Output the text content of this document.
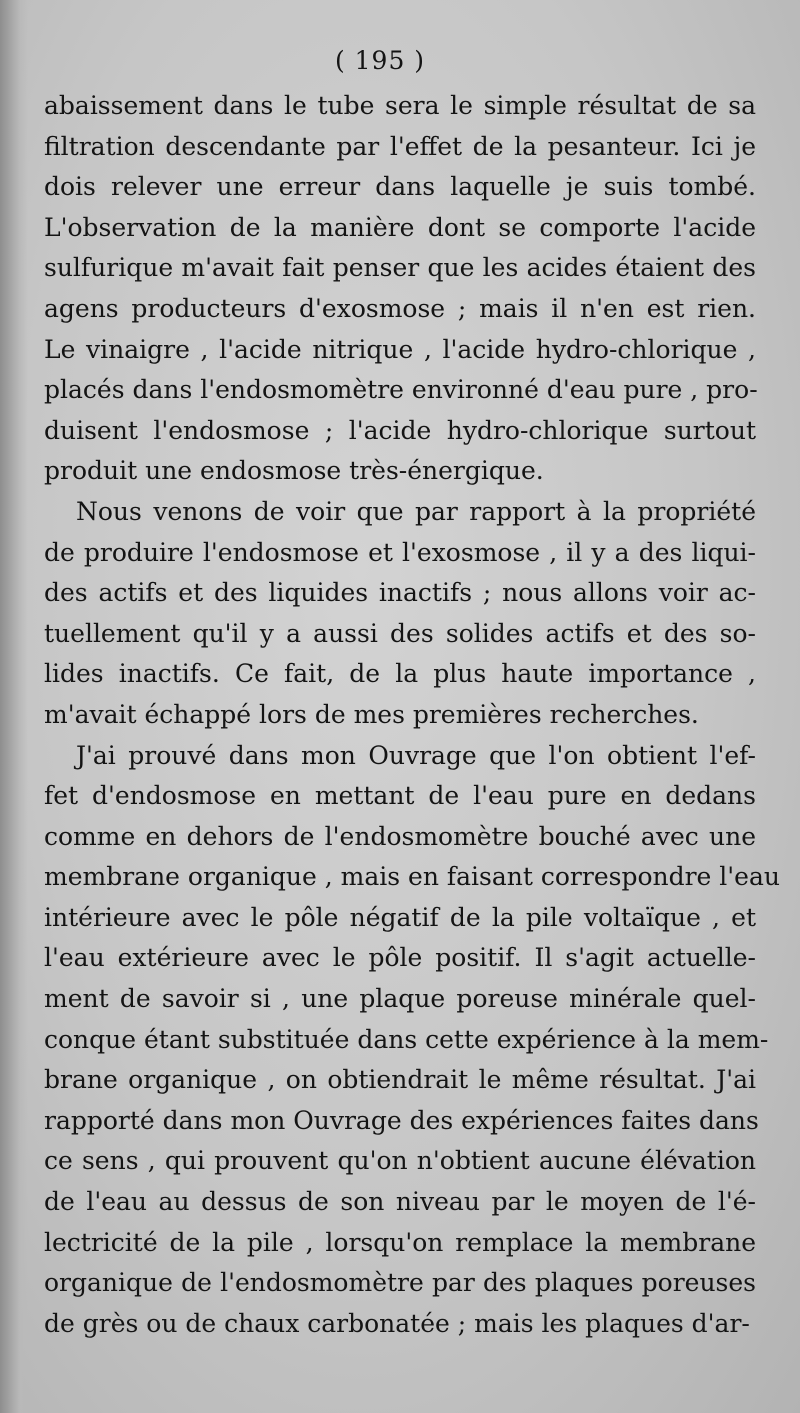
( 195 )
abaissement dans le tube sera le simple résultat de sa
filtration descendante par l'effet de la pesanteur. Ici je
dois relever une erreur dans laquelle je suis tombé.
L'observation de la manière dont se comporte l'acide
sulfurique m'avait fait penser que les acides étaient des
agens producteurs d'exosmose ; mais il n'en est rien.
Le vinaigre , l'acide nitrique , l'acide hydro-chlorique ,
placés dans l'endosmomètre environné d'eau pure , pro-
duisent l'endosmose ; l'acide hydro-chlorique surtout
produit une endosmose très-énergique.
Nous venons de voir que par rapport à la propriété
de produire l'endosmose et l'exosmose , il y a des liqui-
des actifs et des liquides inactifs ; nous allons voir ac-
tuellement qu'il y a aussi des solides actifs et des so-
lides inactifs. Ce fait, de la plus haute importance ,
m'avait échappé lors de mes premières recherches.
J'ai prouvé dans mon Ouvrage que l'on obtient l'ef-
fet d'endosmose en mettant de l'eau pure en dedans
comme en dehors de l'endosmomètre bouché avec une
membrane organique , mais en faisant correspondre l'eau
intérieure avec le pôle négatif de la pile voltaïque , et
l'eau extérieure avec le pôle positif. Il s'agit actuelle-
ment de savoir si , une plaque poreuse minérale quel-
conque étant substituée dans cette expérience à la mem-
brane organique , on obtiendrait le même résultat. J'ai
rapporté dans mon Ouvrage des expériences faites dans
ce sens , qui prouvent qu'on n'obtient aucune élévation
de l'eau au dessus de son niveau par le moyen de l'é-
lectricité de la pile , lorsqu'on remplace la membrane
organique de l'endosmomètre par des plaques poreuses
de grès ou de chaux carbonatée ; mais les plaques d'ar-
